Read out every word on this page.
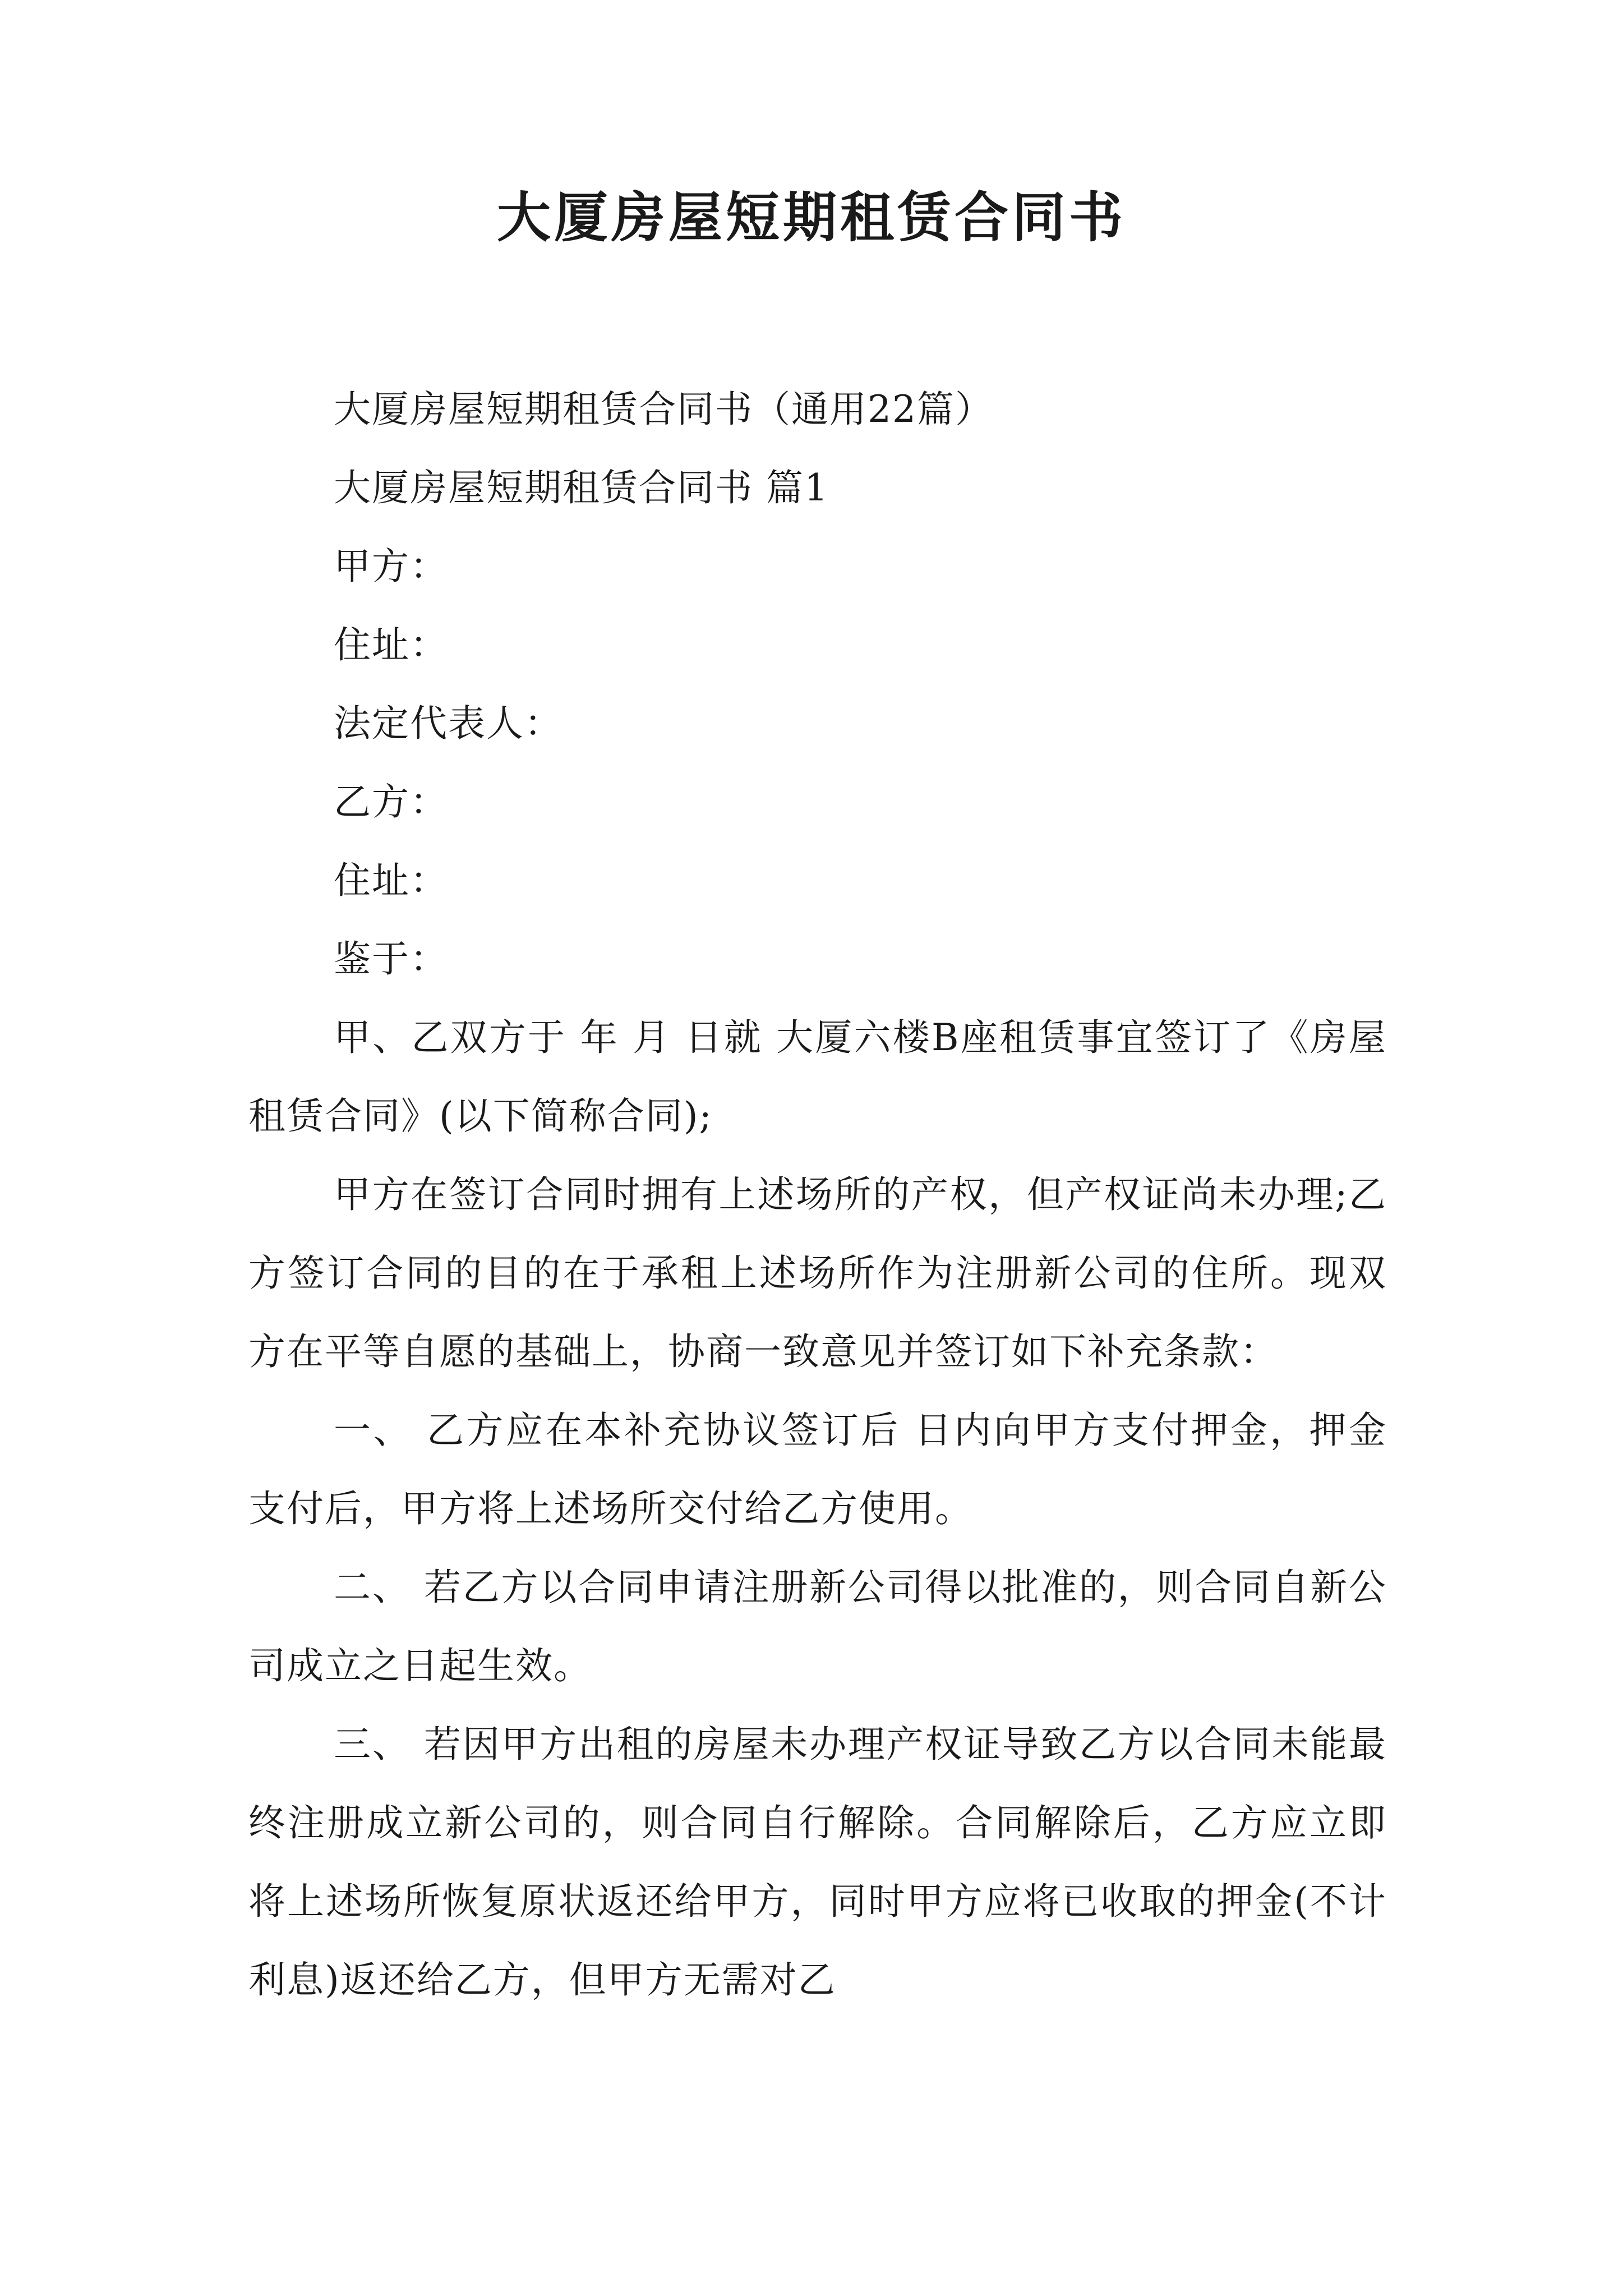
大厦房屋短期租赁合同书

大厦房屋短期租赁合同书（通用22篇）

大厦房屋短期租赁合同书 篇1

甲方：

住址：

法定代表人：

乙方：

住址：

鉴于：

甲、乙双方于 年 月 日就 大厦六楼B座租赁事宜签订了《房屋租赁合同》(以下简称合同);

甲方在签订合同时拥有上述场所的产权，但产权证尚未办理;乙方签订合同的目的在于承租上述场所作为注册新公司的住所。现双方在平等自愿的基础上，协商一致意见并签订如下补充条款：

一、 乙方应在本补充协议签订后 日内向甲方支付押金，押金支付后，甲方将上述场所交付给乙方使用。

二、 若乙方以合同申请注册新公司得以批准的，则合同自新公司成立之日起生效。

三、 若因甲方出租的房屋未办理产权证导致乙方以合同未能最终注册成立新公司的，则合同自行解除。合同解除后，乙方应立即将上述场所恢复原状返还给甲方，同时甲方应将已收取的押金(不计利息)返还给乙方，但甲方无需对乙
